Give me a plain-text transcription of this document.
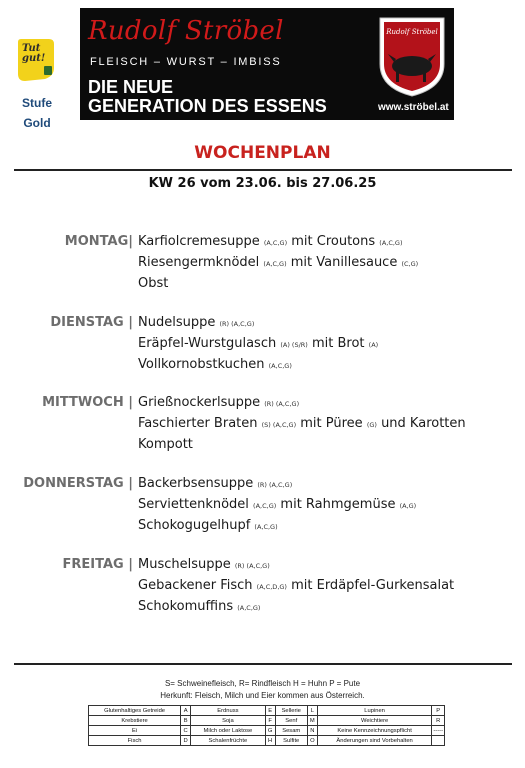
Tut gut!
Stufe
Gold
Rudolf Ströbel
FLEISCH – WURST – IMBISS
DIE NEUE
GENERATION DES ESSENS
Rudolf Ströbel
www.ströbel.at
WOCHENPLAN
KW 26 vom 23.06. bis 27.06.25
MONTAG| Karfiolcremesuppe (A,C,G) mit Croutons (A,C,G)
Riesengermknödel (A,C,G) mit Vanillesauce (C,G)
Obst
DIENSTAG | Nudelsuppe (R) (A,C,G)
Eräpfel-Wurstgulasch (A) (S/R) mit Brot (A)
Vollkornobstkuchen (A,C,G)
MITTWOCH | Grießnockerlsuppe (R) (A,C,G)
Faschierter Braten (S) (A,C,G) mit Püree (G) und Karotten
Kompott
DONNERSTAG | Backerbsensuppe (R) (A,C,G)
Serviettenknödel (A,C,G) mit Rahmgemüse (A,G)
Schokogugelhupf (A,C,G)
FREITAG | Muschelsuppe (R) (A,C,G)
Gebackener Fisch (A,C,D,G) mit Erdäpfel-Gurkensalat
Schokomuffins (A,C,G)
S= Schweinefleisch, R= Rindfleisch H = Huhn P = Pute
Herkunft: Fleisch, Milch und Eier kommen aus Österreich.
Glutenhaltiges Getreide	A	Erdnuss	E	Sellerie	L	Lupinen	P
Krebstiere	B	Soja	F	Senf	M	Weichtiere	R
Ei	C	Milch oder Laktose	G	Sesam	N	Keine Kennzeichnungspflicht	-----
Fisch	D	Schalenfrüchte	H	Sulfite	O	Änderungen sind Vorbehalten	
